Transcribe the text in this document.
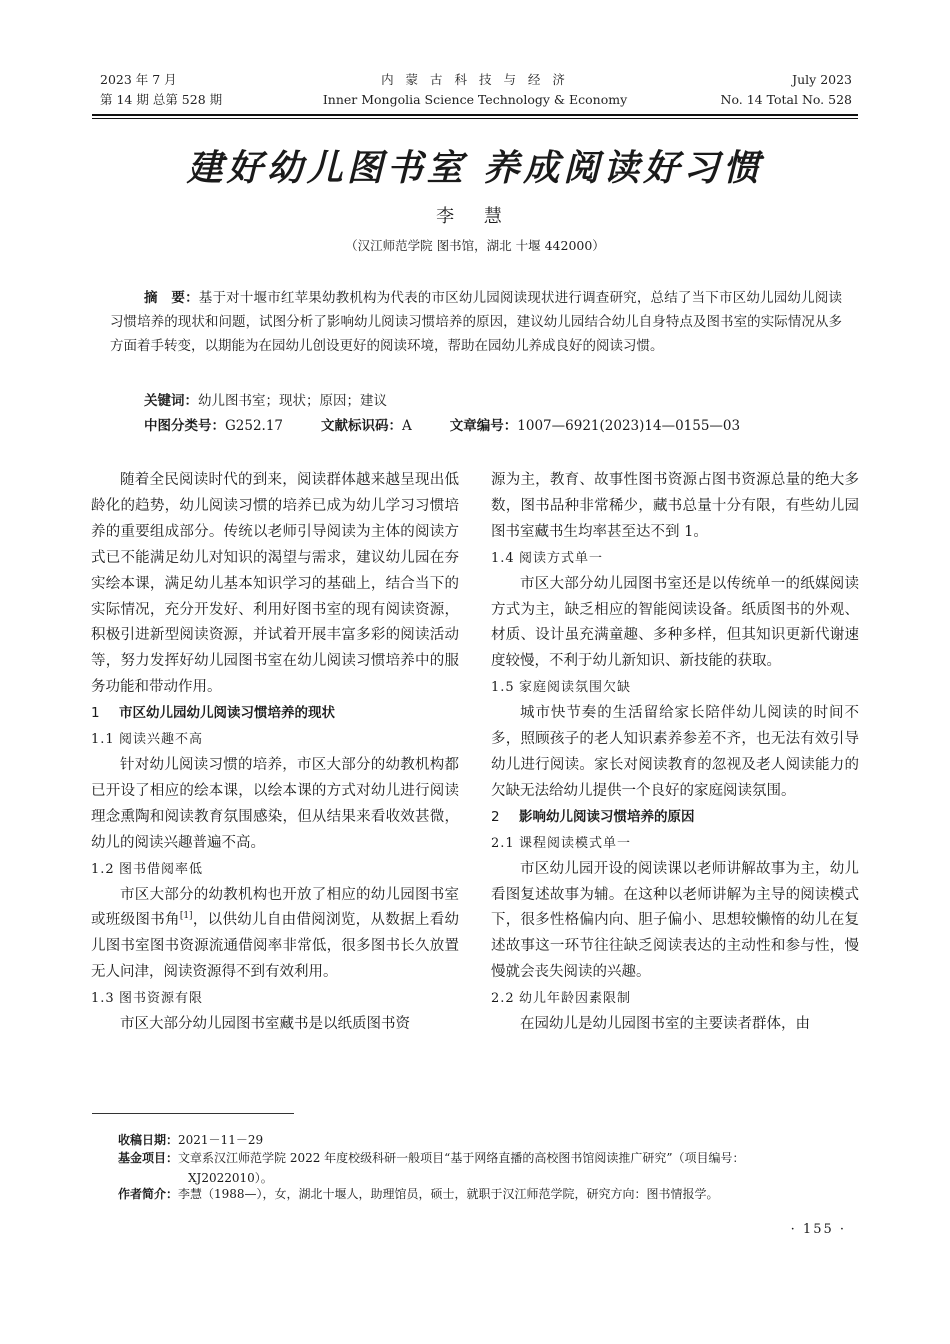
2023 年 7 月
第 14 期 总第 528 期
内 蒙 古 科 技 与 经 济
Inner Mongolia Science Technology & Economy
July 2023
No. 14 Total No. 528
建好幼儿图书室 养成阅读好习惯
李 慧
（汉江师范学院 图书馆，湖北 十堰 442000）
摘　要：基于对十堰市红苹果幼教机构为代表的市区幼儿园阅读现状进行调查研究，总结了当下市区幼儿园幼儿阅读习惯培养的现状和问题，试图分析了影响幼儿阅读习惯培养的原因，建议幼儿园结合幼儿自身特点及图书室的实际情况从多方面着手转变，以期能为在园幼儿创设更好的阅读环境，帮助在园幼儿养成良好的阅读习惯。
关键词：幼儿图书室；现状；原因；建议
中图分类号：G252.17	文献标识码：A	文章编号：1007—6921(2023)14—0155—03

随着全民阅读时代的到来，阅读群体越来越呈现出低龄化的趋势，幼儿阅读习惯的培养已成为幼儿学习习惯培养的重要组成部分。传统以老师引导阅读为主体的阅读方式已不能满足幼儿对知识的渴望与需求，建议幼儿园在夯实绘本课，满足幼儿基本知识学习的基础上，结合当下的实际情况，充分开发好、利用好图书室的现有阅读资源，积极引进新型阅读资源，并试着开展丰富多彩的阅读活动等，努力发挥好幼儿园图书室在幼儿阅读习惯培养中的服务功能和带动作用。

1 市区幼儿园幼儿阅读习惯培养的现状
1.1 阅读兴趣不高

针对幼儿阅读习惯的培养，市区大部分的幼教机构都已开设了相应的绘本课，以绘本课的方式对幼儿进行阅读理念熏陶和阅读教育氛围感染，但从结果来看收效甚微，幼儿的阅读兴趣普遍不高。

1.2 图书借阅率低

市区大部分的幼教机构也开放了相应的幼儿园图书室或班级图书角[1]，以供幼儿自由借阅浏览，从数据上看幼儿图书室图书资源流通借阅率非常低，很多图书长久放置无人问津，阅读资源得不到有效利用。

1.3 图书资源有限

市区大部分幼儿园图书室藏书是以纸质图书资

源为主，教育、故事性图书资源占图书资源总量的绝大多数，图书品种非常稀少，藏书总量十分有限，有些幼儿园图书室藏书生均率甚至达不到 1。

1.4 阅读方式单一

市区大部分幼儿园图书室还是以传统单一的纸媒阅读方式为主，缺乏相应的智能阅读设备。纸质图书的外观、材质、设计虽充满童趣、多种多样，但其知识更新代谢速度较慢，不利于幼儿新知识、新技能的获取。

1.5 家庭阅读氛围欠缺

城市快节奏的生活留给家长陪伴幼儿阅读的时间不多，照顾孩子的老人知识素养参差不齐，也无法有效引导幼儿进行阅读。家长对阅读教育的忽视及老人阅读能力的欠缺无法给幼儿提供一个良好的家庭阅读氛围。

2 影响幼儿阅读习惯培养的原因
2.1 课程阅读模式单一

市区幼儿园开设的阅读课以老师讲解故事为主，幼儿看图复述故事为辅。在这种以老师讲解为主导的阅读模式下，很多性格偏内向、胆子偏小、思想较懒惰的幼儿在复述故事这一环节往往缺乏阅读表达的主动性和参与性，慢慢就会丧失阅读的兴趣。

2.2 幼儿年龄因素限制

在园幼儿是幼儿园图书室的主要读者群体，由

收稿日期：2021－11－29
基金项目：文章系汉江师范学院 2022 年度校级科研一般项目“基于网络直播的高校图书馆阅读推广研究”（项目编号：
XJ2022010）。
作者简介：李慧（1988—），女，湖北十堰人，助理馆员，硕士，就职于汉江师范学院，研究方向：图书情报学。
· 155 ·
